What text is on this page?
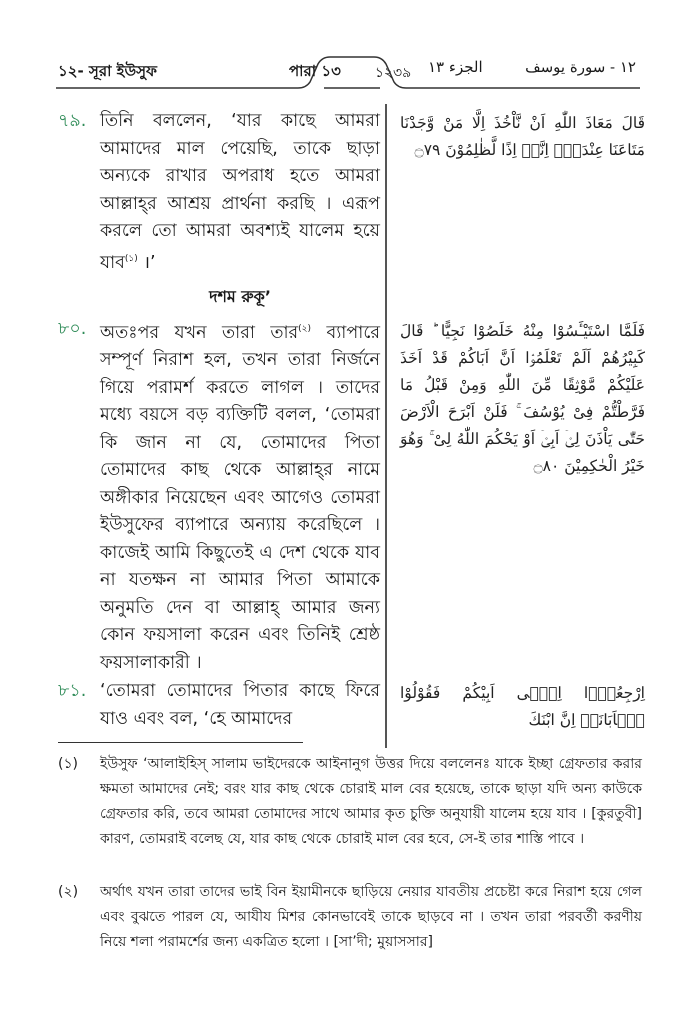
১২- সূরা ইউসুফ	পারা ১৩	১২৩৯	الجزء ١٣	١٢ - سورة يوسف
৭৯. তিনি বললেন, ‘যার কাছে আমরা আমাদের মাল পেয়েছি, তাকে ছাড়া অন্যকে রাখার অপরাধ হতে আমরা আল্লাহ্‌র আশ্রয় প্রার্থনা করছি । এরূপ করলে তো আমরা অবশ্যই যালেম হয়ে যাব$^{(১)}$ ।’
قَالَ مَعَاذَ اللّٰهِ اَنْ نَّاْخُذَ اِلَّا مَنْ وَّجَدْنَا مَتَاعَنَا عِنْدَهٗۤ اِنَّاۤ اِذًا لَّظٰلِمُوْنَ ۝٧٩
দশম রুকূ’
৮০. অতঃপর যখন তারা তার$^{(২)}$ ব্যাপারে সম্পূর্ণ নিরাশ হল, তখন তারা নির্জনে গিয়ে পরামর্শ করতে লাগল । তাদের মধ্যে বয়সে বড় ব্যক্তিটি বলল, ‘তোমরা কি জান না যে, তোমাদের পিতা তোমাদের কাছ থেকে আল্লাহ্‌র নামে অঙ্গীকার নিয়েছেন এবং আগেও তোমরা ইউসুফের ব্যাপারে অন্যায় করেছিলে । কাজেই আমি কিছুতেই এ দেশ থেকে যাব না যতক্ষন না আমার পিতা আমাকে অনুমতি দেন বা আল্লাহ্‌ আমার জন্য কোন ফয়সালা করেন এবং তিনিই শ্রেষ্ঠ ফয়সালাকারী ।
فَلَمَّا اسْتَيْـَٔسُوْا مِنْهُ خَلَصُوْا نَجِيًّا ؕ قَالَ كَبِيْرُهُمْ اَلَمْ تَعْلَمُوْۤا اَنَّ اَبَاكُمْ قَدْ اَخَذَ عَلَيْكُمْ مَّوْثِقًا مِّنَ اللّٰهِ وَمِنْ قَبْلُ مَا فَرَّطْتُّمْ فِىْ يُوْسُفَ ۚ فَلَنْ اَبْرَحَ الْاَرْضَ حَتّٰى يَاْذَنَ لِىْۤ اَبِىْۤ اَوْ يَحْكُمَ اللّٰهُ لِىْ ۚ وَهُوَ خَيْرُ الْحٰكِمِيْنَ ۝٨٠
৮১. ‘তোমরা তোমাদের পিতার কাছে ফিরে যাও এবং বল, ‘হে আমাদের
اِرْجِعُوْۤا اِلٰۤى اَبِيْكُمْ فَقُوْلُوْا يٰۤاَبَانَاۤ اِنَّ ابْنَكَ
(১) ইউসুফ ‘আলাইহিস্‌ সালাম ভাইদেরকে আইনানুগ উত্তর দিয়ে বললেনঃ যাকে ইচ্ছা গ্রেফতার করার ক্ষমতা আমাদের নেই; বরং যার কাছ থেকে চোরাই মাল বের হয়েছে, তাকে ছাড়া যদি অন্য কাউকে গ্রেফতার করি, তবে আমরা তোমাদের সাথে আমার কৃত চুক্তি অনুযায়ী যালেম হয়ে যাব । [কুরতুবী] কারণ, তোমরাই বলেছ যে, যার কাছ থেকে চোরাই মাল বের হবে, সে-ই তার শাস্তি পাবে ।
(২) অর্থাৎ যখন তারা তাদের ভাই বিন ইয়ামীনকে ছাড়িয়ে নেয়ার যাবতীয় প্রচেষ্টা করে নিরাশ হয়ে গেল এবং বুঝতে পারল যে, আযীয মিশর কোনভাবেই তাকে ছাড়বে না । তখন তারা পরবর্তী করণীয় নিয়ে শলা পরামর্শের জন্য একত্রিত হলো । [সা’দী; মুয়াসসার]
